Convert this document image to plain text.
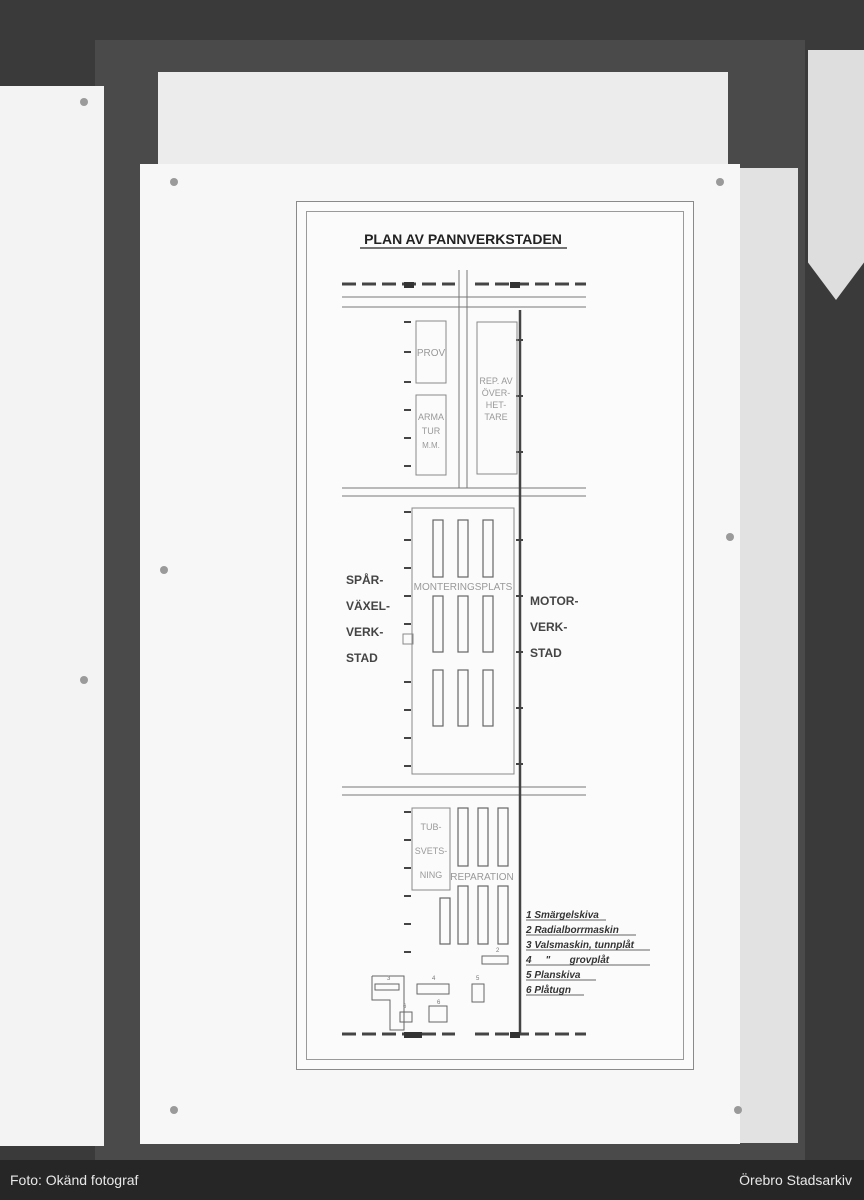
PLAN AV PANNVERKSTADEN
PROV
ARMA
TUR
M.M.
REP. AV
ÖVER-
HET-
TARE
MONTERINGSPLATS
SPÅR-
VÄXEL-
VERK-
STAD
MOTOR-
VERK-
STAD
TUB-
SVETS-
NING REPARATION
2
3	4	5
6
6
1 Smärgelskiva
2 Radialborrmaskin
3 Valsmaskin, tunnplåt
4     "       grovplåt
5 Planskiva
6 Plåtugn
Foto: Okänd fotograf	Örebro Stadsarkiv
